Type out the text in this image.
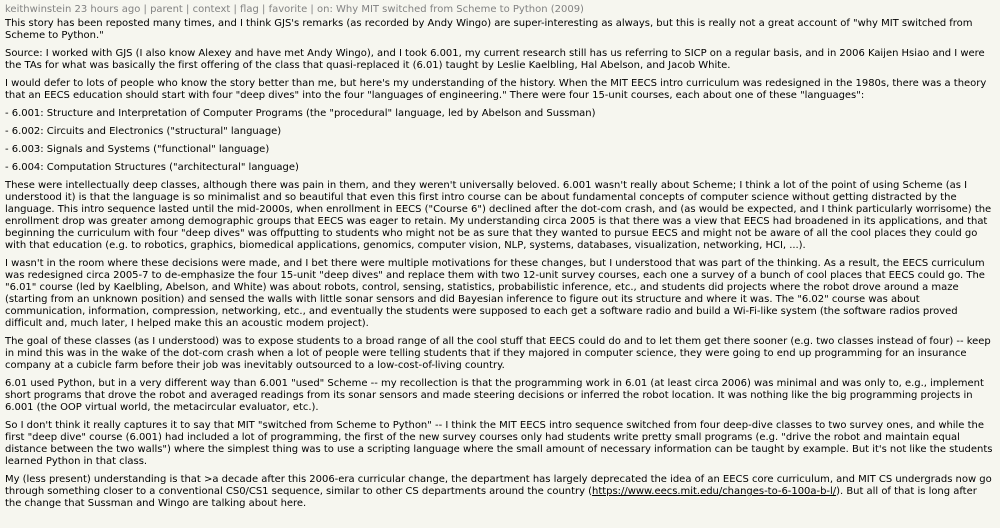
keithwinstein 23 hours ago | parent | context | flag | favorite | on: Why MIT switched from Scheme to Python (2009)

This story has been reposted many times, and I think GJS's remarks (as recorded by Andy Wingo) are super-interesting as always, but this is really not a great account of "why MIT switched from Scheme to Python."

Source: I worked with GJS (I also know Alexey and have met Andy Wingo), and I took 6.001, my current research still has us referring to SICP on a regular basis, and in 2006 Kaijen Hsiao and I were the TAs for what was basically the first offering of the class that quasi-replaced it (6.01) taught by Leslie Kaelbling, Hal Abelson, and Jacob White.

I would defer to lots of people who know the story better than me, but here's my understanding of the history. When the MIT EECS intro curriculum was redesigned in the 1980s, there was a theory that an EECS education should start with four "deep dives" into the four "languages of engineering." There were four 15-unit courses, each about one of these "languages":

- 6.001: Structure and Interpretation of Computer Programs (the "procedural" language, led by Abelson and Sussman)

- 6.002: Circuits and Electronics ("structural" language)

- 6.003: Signals and Systems ("functional" language)

- 6.004: Computation Structures ("architectural" language)

These were intellectually deep classes, although there was pain in them, and they weren't universally beloved. 6.001 wasn't really about Scheme; I think a lot of the point of using Scheme (as I understood it) is that the language is so minimalist and so beautiful that even this first intro course can be about fundamental concepts of computer science without getting distracted by the language. This intro sequence lasted until the mid-2000s, when enrollment in EECS ("Course 6") declined after the dot-com crash, and (as would be expected, and I think particularly worrisome) the enrollment drop was greater among demographic groups that EECS was eager to retain. My understanding circa 2005 is that there was a view that EECS had broadened in its applications, and that beginning the curriculum with four "deep dives" was offputting to students who might not be as sure that they wanted to pursue EECS and might not be aware of all the cool places they could go with that education (e.g. to robotics, graphics, biomedical applications, genomics, computer vision, NLP, systems, databases, visualization, networking, HCI, ...).

I wasn't in the room where these decisions were made, and I bet there were multiple motivations for these changes, but I understood that was part of the thinking. As a result, the EECS curriculum was redesigned circa 2005-7 to de-emphasize the four 15-unit "deep dives" and replace them with two 12-unit survey courses, each one a survey of a bunch of cool places that EECS could go. The "6.01" course (led by Kaelbling, Abelson, and White) was about robots, control, sensing, statistics, probabilistic inference, etc., and students did projects where the robot drove around a maze (starting from an unknown position) and sensed the walls with little sonar sensors and did Bayesian inference to figure out its structure and where it was. The "6.02" course was about communication, information, compression, networking, etc., and eventually the students were supposed to each get a software radio and build a Wi-Fi-like system (the software radios proved difficult and, much later, I helped make this an acoustic modem project).

The goal of these classes (as I understood) was to expose students to a broad range of all the cool stuff that EECS could do and to let them get there sooner (e.g. two classes instead of four) -- keep in mind this was in the wake of the dot-com crash when a lot of people were telling students that if they majored in computer science, they were going to end up programming for an insurance company at a cubicle farm before their job was inevitably outsourced to a low-cost-of-living country.

6.01 used Python, but in a very different way than 6.001 "used" Scheme -- my recollection is that the programming work in 6.01 (at least circa 2006) was minimal and was only to, e.g., implement short programs that drove the robot and averaged readings from its sonar sensors and made steering decisions or inferred the robot location. It was nothing like the big programming projects in 6.001 (the OOP virtual world, the metacircular evaluator, etc.).

So I don't think it really captures it to say that MIT "switched from Scheme to Python" -- I think the MIT EECS intro sequence switched from four deep-dive classes to two survey ones, and while the first "deep dive" course (6.001) had included a lot of programming, the first of the new survey courses only had students write pretty small programs (e.g. "drive the robot and maintain equal distance between the two walls") where the simplest thing was to use a scripting language where the small amount of necessary information can be taught by example. But it's not like the students learned Python in that class.

My (less present) understanding is that >a decade after this 2006-era curricular change, the department has largely deprecated the idea of an EECS core curriculum, and MIT CS undergrads now go through something closer to a conventional CS0/CS1 sequence, similar to other CS departments around the country (https://www.eecs.mit.edu/changes-to-6-100a-b-l/). But all of that is long after the change that Sussman and Wingo are talking about here.
